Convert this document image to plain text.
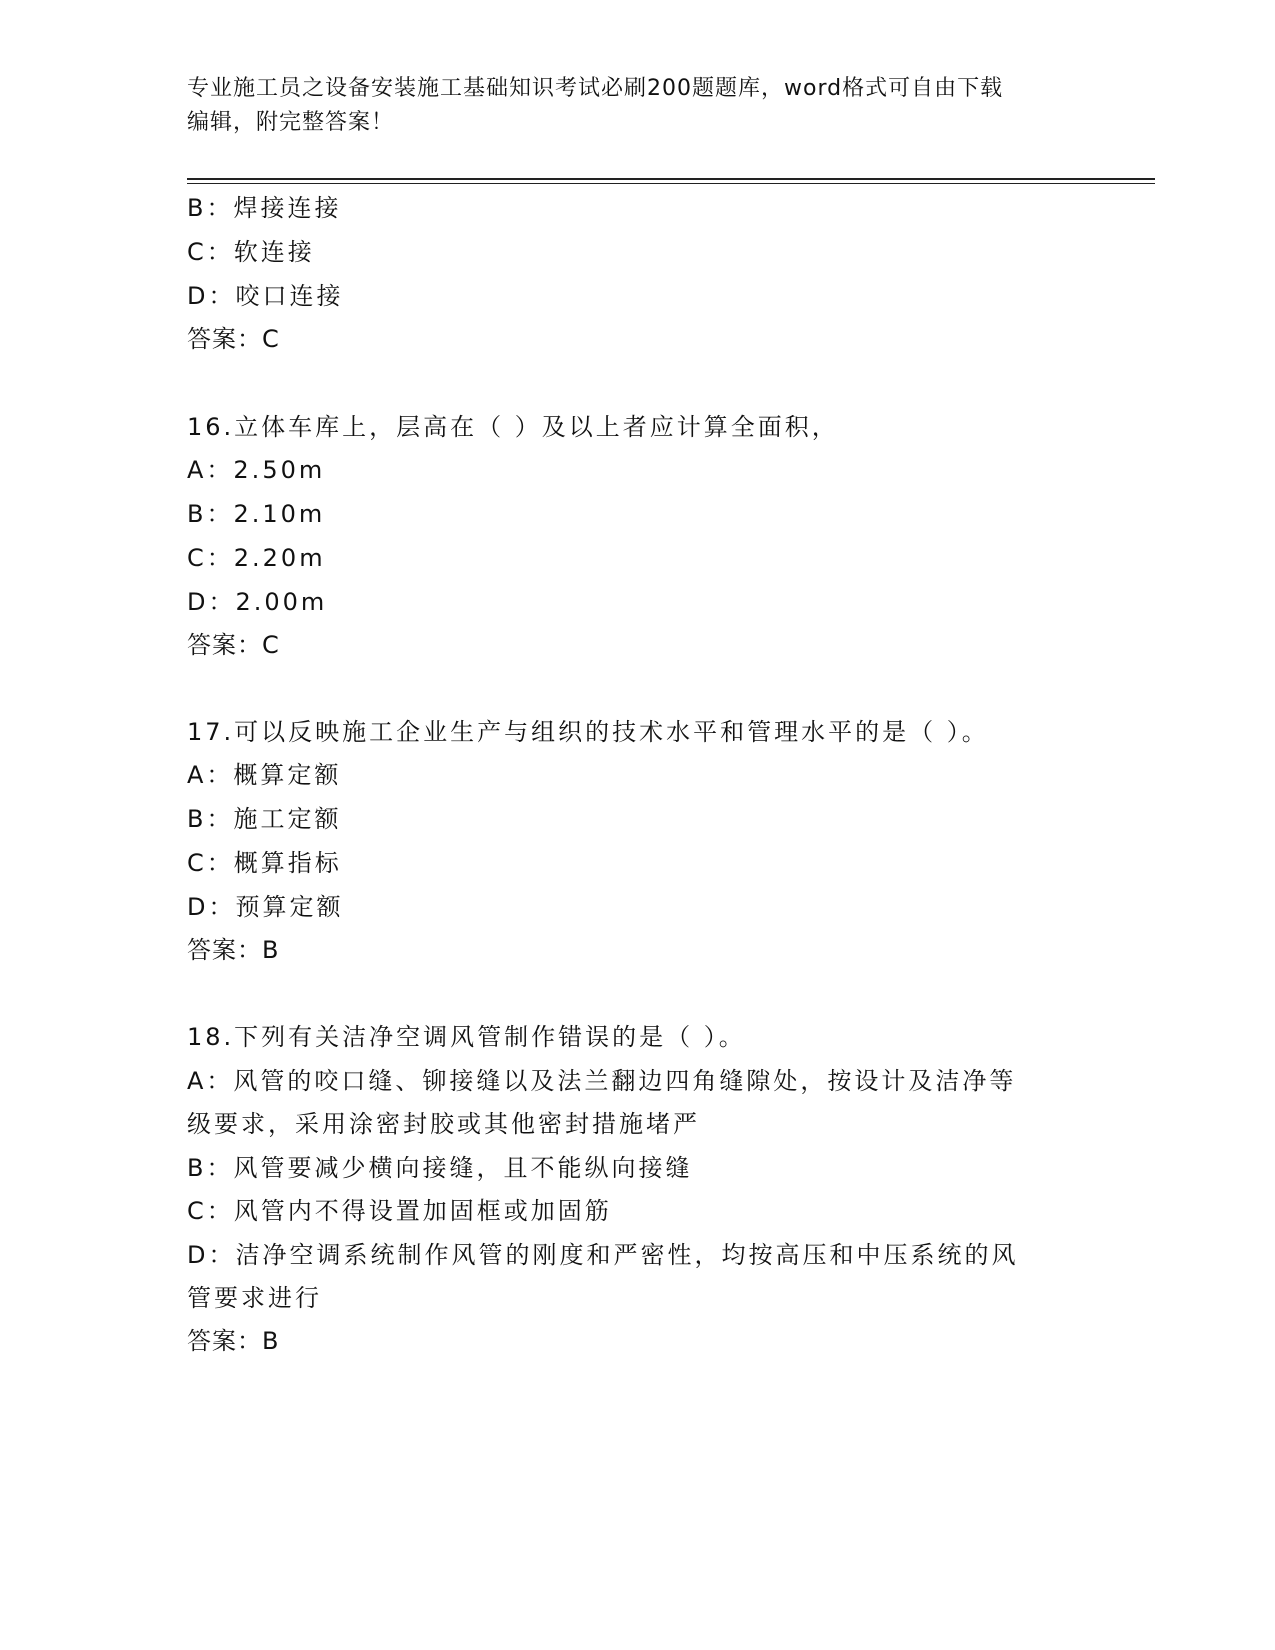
专业施工员之设备安装施工基础知识考试必刷200题题库，word格式可自由下载
编辑，附完整答案！
B：焊接连接
C：软连接
D：咬口连接
答案：C
16.立体车库上，层高在（ ）及以上者应计算全面积，
A：2.50m
B：2.10m
C：2.20m
D：2.00m
答案：C
17.可以反映施工企业生产与组织的技术水平和管理水平的是（ ）。
A：概算定额
B：施工定额
C：概算指标
D：预算定额
答案：B
18.下列有关洁净空调风管制作错误的是（ ）。
A：风管的咬口缝、铆接缝以及法兰翻边四角缝隙处，按设计及洁净等
级要求，采用涂密封胶或其他密封措施堵严
B：风管要减少横向接缝，且不能纵向接缝
C：风管内不得设置加固框或加固筋
D：洁净空调系统制作风管的刚度和严密性，均按高压和中压系统的风
管要求进行
答案：B
